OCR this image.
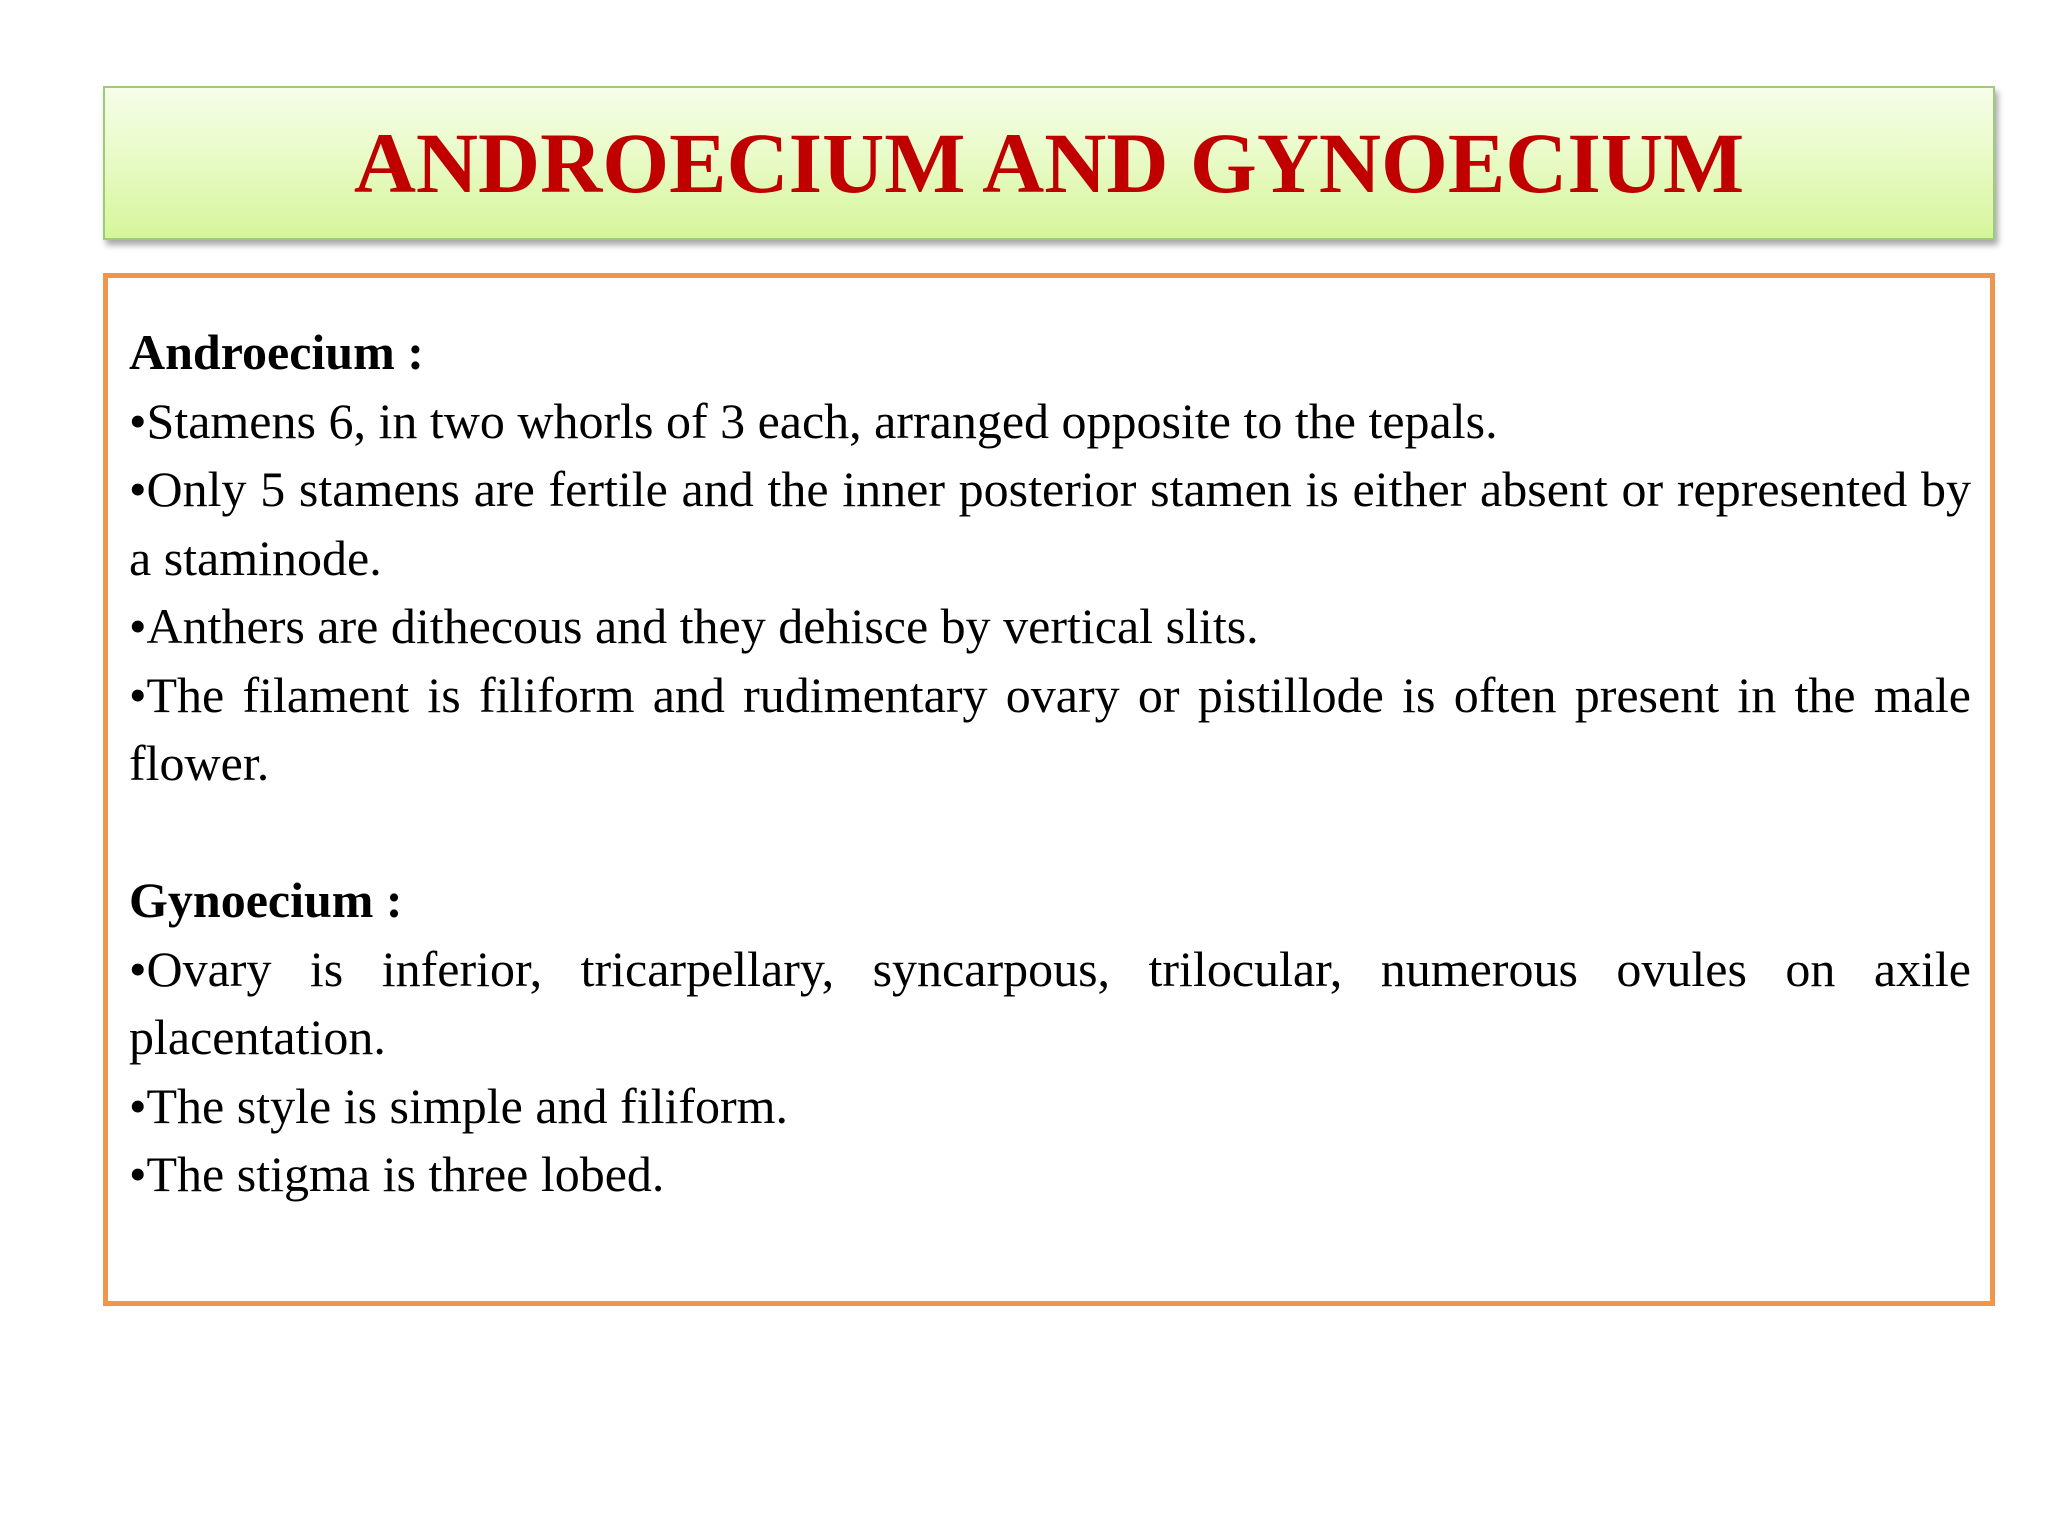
ANDROECIUM AND GYNOECIUM
Androecium :
•Stamens 6, in two whorls of 3 each, arranged opposite to the tepals.
•Only 5 stamens are fertile and the inner posterior stamen is either absent or represented by a staminode.
•Anthers are dithecous and they dehisce by vertical slits.
•The filament is filiform and rudimentary ovary or pistillode is often present in the male flower.
Gynoecium :
•Ovary is inferior, tricarpellary, syncarpous, trilocular, numerous ovules on axile placentation.
•The style is simple and filiform.
•The stigma is three lobed.
